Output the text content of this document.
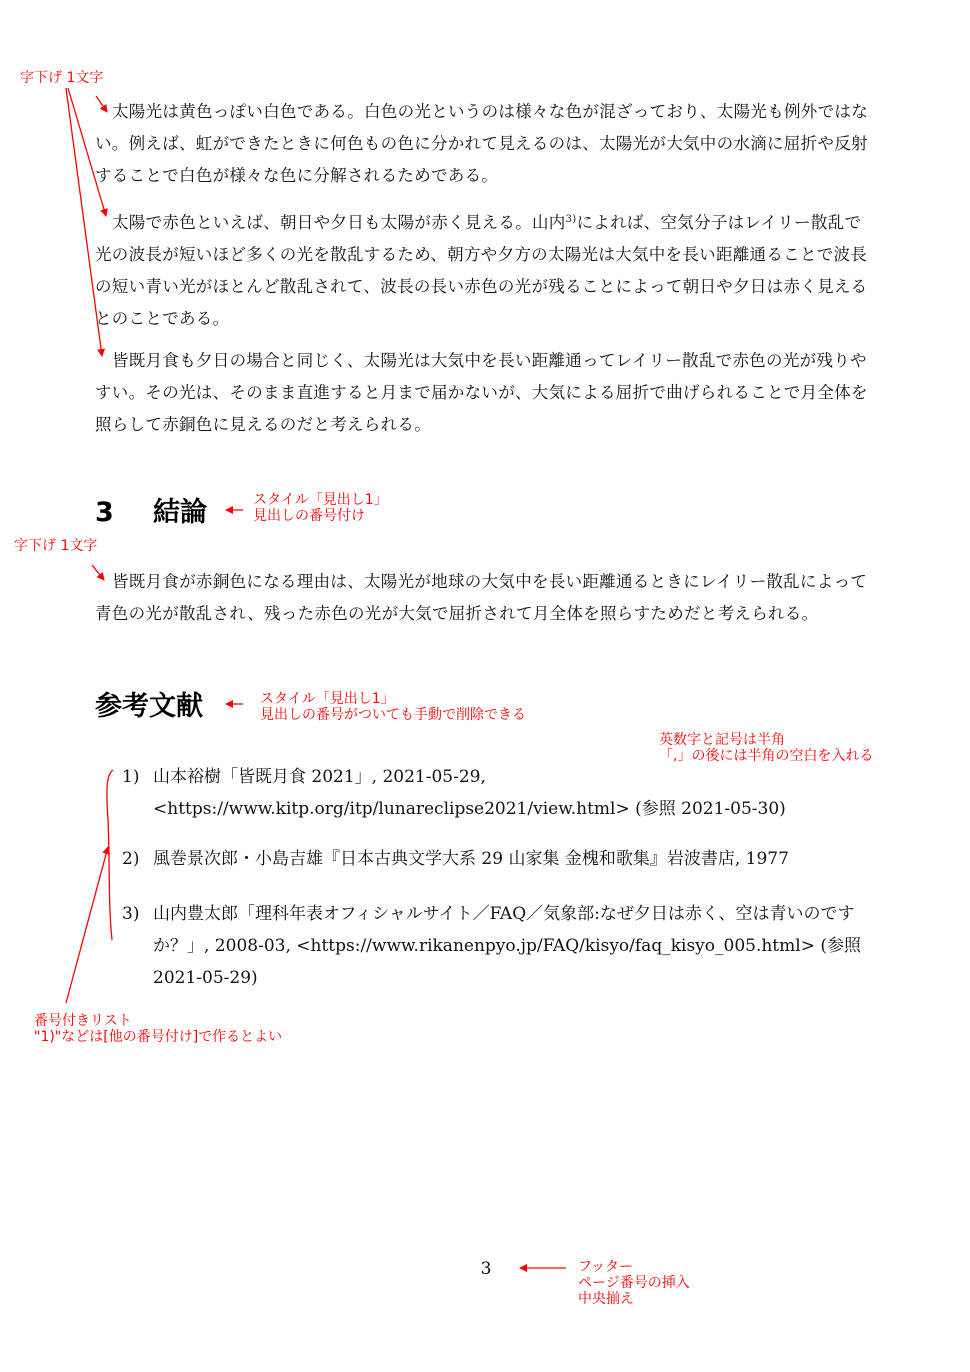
太陽光は黄色っぽい白色である。白色の光というのは様々な色が混ざっており、太陽光も例外ではない。例えば、虹ができたときに何色もの色に分かれて見えるのは、太陽光が大気中の水滴に屈折や反射することで白色が様々な色に分解されるためである。

太陽で赤色といえば、朝日や夕日も太陽が赤く見える。山内$^{3)}$によれば、空気分子はレイリー散乱で光の波長が短いほど多くの光を散乱するため、朝方や夕方の太陽光は大気中を長い距離通ることで波長の短い青い光がほとんど散乱されて、波長の長い赤色の光が残ることによって朝日や夕日は赤く見えるとのことである。

皆既月食も夕日の場合と同じく、太陽光は大気中を長い距離通ってレイリー散乱で赤色の光が残りやすい。その光は、そのまま直進すると月まで届かないが、大気による屈折で曲げられることで月全体を照らして赤銅色に見えるのだと考えられる。

3 結論

皆既月食が赤銅色になる理由は、太陽光が地球の大気中を長い距離通るときにレイリー散乱によって青色の光が散乱され、残った赤色の光が大気で屈折されて月全体を照らすためだと考えられる。

参考文献
1) 山本裕樹「皆既月食 2021」, 2021-05-29, <https://www.kitp.org/itp/lunareclipse2021/view.html> (参照 2021-05-30)
2) 風巻景次郎・小島吉雄『日本古典文学大系 29 山家集 金槐和歌集』岩波書店, 1977
3) 山内豊太郎「理科年表オフィシャルサイト／FAQ／気象部:なぜ夕日は赤く、空は青いのですか？」, 2008-03, <https://www.rikanenpyo.jp/FAQ/kisyo/faq_kisyo_005.html> (参照 2021-05-29)
3
字下げ 1文字
字下げ 1文字
スタイル「見出し1」
見出しの番号付け
スタイル「見出し1」
見出しの番号がついても手動で削除できる
英数字と記号は半角
「,」の後には半角の空白を入れる
番号付きリスト
"1)"などは[他の番号付け]で作るとよい
フッター
ページ番号の挿入
中央揃え
